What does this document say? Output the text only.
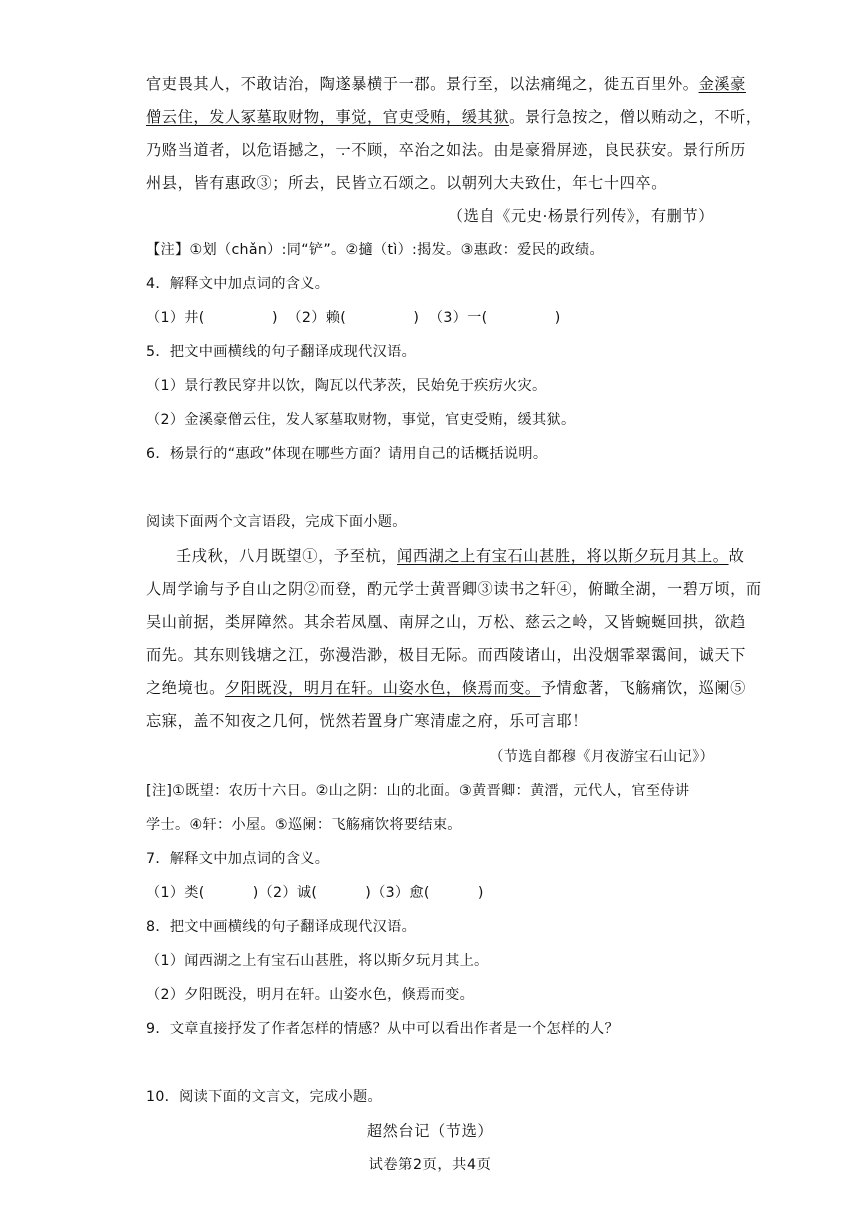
官吏畏其人，不敢诘治，陶遂暴横于一郡。景行至，以法痛绳之，徙五百里外。金溪豪
僧云住，发人冢墓取财物，事觉，官吏受贿，缓其狱。景行急按之，僧以贿动之，不听，
乃赂当道者，以危语撼之，一不顾，卒治之如法。由是豪猾屏迹，良民获安。景行所历
州县，皆有惠政③；所去，民皆立石颂之。以朝列大夫致仕，年七十四卒。
（选自《元史·杨景行列传》，有删节）
【注】①划（chǎn）:同“铲”。②擿（tì）:揭发。③惠政：爱民的政绩。
4．解释文中加点词的含义。
（1）井(              )  （2）赖(              )  （3）一(              )
5．把文中画横线的句子翻译成现代汉语。
（1）景行教民穿井以饮，陶瓦以代茅茨，民始免于疾疠火灾。
（2）金溪豪僧云住，发人冢墓取财物，事觉，官吏受贿，缓其狱。
6．杨景行的“惠政”体现在哪些方面？请用自己的话概括说明。
阅读下面两个文言语段，完成下面小题。
壬戌秋，八月既望①，予至杭，闻西湖之上有宝石山甚胜，将以斯夕玩月其上。故
人周学谕与予自山之阴②而登，酌元学士黄晋卿③读书之轩④，俯瞰全湖，一碧万顷，而
吴山前据，类屏障然。其余若凤凰、南屏之山，万松、慈云之岭，又皆蜿蜒回拱，欲趋
而先。其东则钱塘之江，弥漫浩渺，极目无际。而西陵诸山，出没烟霏翠霭间，诚天下
之绝境也。夕阳既没，明月在轩。山姿水色，倏焉而变。予情愈著，飞觞痛饮，巡阑⑤
忘寐，盖不知夜之几何，恍然若置身广寒清虚之府，乐可言耶！
（节选自都穆《月夜游宝石山记》）
[注]①既望：农历十六日。②山之阴：山的北面。③黄晋卿：黄溍，元代人，官至侍讲
学士。④轩：小屋。⑤巡阑：飞觞痛饮将要结束。
7．解释文中加点词的含义。
（1）类(          )（2）诚(          )（3）愈(          )
8．把文中画横线的句子翻译成现代汉语。
（1）闻西湖之上有宝石山甚胜，将以斯夕玩月其上。
（2）夕阳既没，明月在轩。山姿水色，倏焉而变。
9．文章直接抒发了作者怎样的情感？从中可以看出作者是一个怎样的人？
10．阅读下面的文言文，完成小题。
超然台记（节选）
试卷第2页，共4页
